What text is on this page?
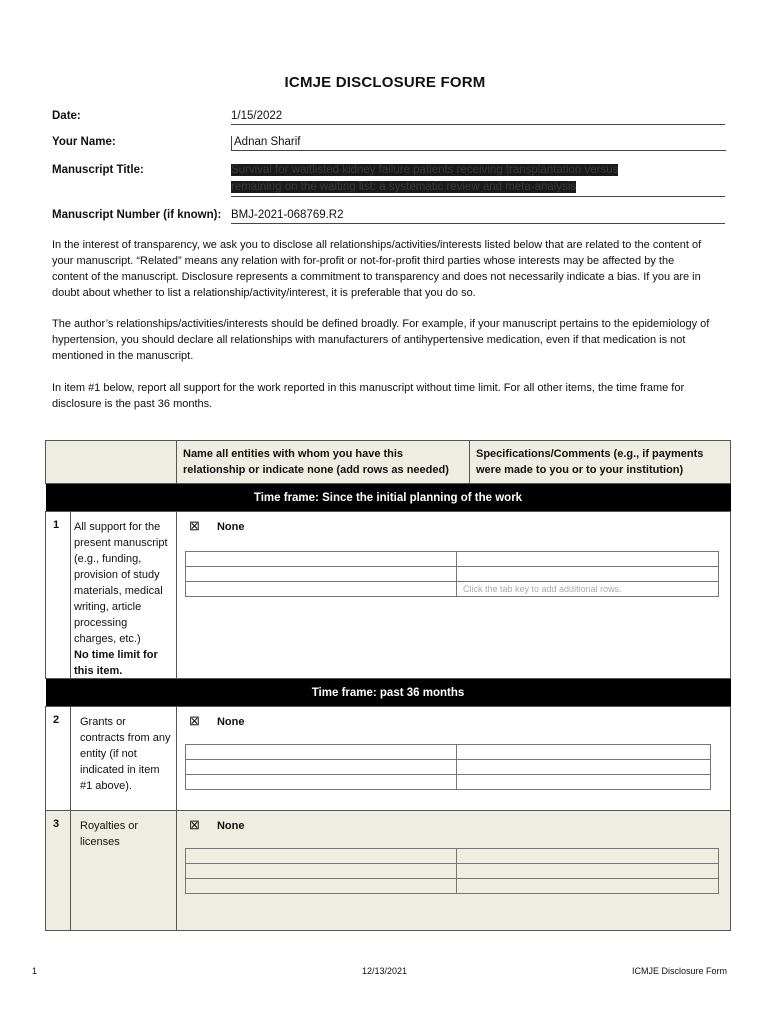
ICMJE DISCLOSURE FORM
Date:	1/15/2022
Your Name:	Adnan Sharif
Manuscript Title:	Survival for waitlisted kidney failure patients receiving transplantation versus
remaining on the waiting list: a systematic review and meta-analysis
Manuscript Number (if known): BMJ-2021-068769.R2
In the interest of transparency, we ask you to disclose all relationships/activities/interests listed below that are related to the content of your manuscript. “Related” means any relation with for-profit or not-for-profit third parties whose interests may be affected by the content of the manuscript. Disclosure represents a commitment to transparency and does not necessarily indicate a bias. If you are in doubt about whether to list a relationship/activity/interest, it is preferable that you do so.
The author’s relationships/activities/interests should be defined broadly. For example, if your manuscript pertains to the epidemiology of hypertension, you should declare all relationships with manufacturers of antihypertensive medication, even if that medication is not mentioned in the manuscript.
In item #1 below, report all support for the work reported in this manuscript without time limit. For all other items, the time frame for disclosure is the past 36 months.
	Name all entities with whom you have this relationship or indicate none (add rows as needed)	Specifications/Comments (e.g., if payments were made to you or to your institution)
Time frame: Since the initial planning of the work

1	All support for the present manuscript (e.g., funding, provision of study materials, medical writing, article processing charges, etc.)
No time limit for this item.

⊠ None

	Click the tab key to add additional rows.

Time frame: past 36 months

2	Grants or contracts from any entity (if not indicated in item #1 above).

⊠ None

3	Royalties or licenses

⊠ None

1	12/13/2021	ICMJE Disclosure Form
